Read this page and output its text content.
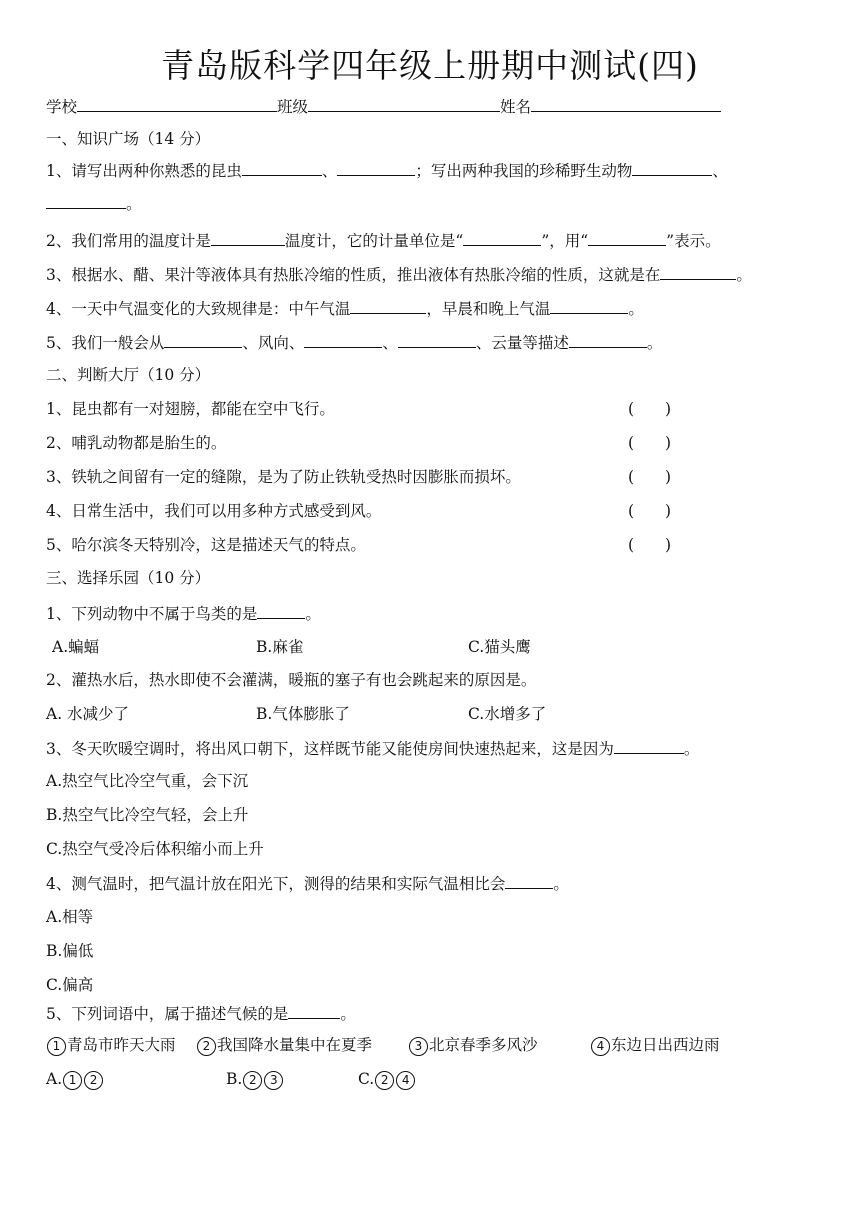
青岛版科学四年级上册期中测试(四)
学校	班级	姓名
一、知识广场（14 分）
1、请写出两种你熟悉的昆虫	、	；写出两种我国的珍稀野生动物	、
。
2、我们常用的温度计是	温度计，它的计量单位是“	”，用“	”表示。
3、根据水、醋、果汁等液体具有热胀冷缩的性质，推出液体有热胀冷缩的性质，这就是在	。
4、一天中气温变化的大致规律是：中午气温	，早晨和晚上气温	。
5、我们一般会从	、风向、	、	、云量等描述	。
二、判断大厅（10 分）
1、昆虫都有一对翅膀，都能在空中飞行。	(　　)
2、哺乳动物都是胎生的。	(　　)
3、铁轨之间留有一定的缝隙，是为了防止铁轨受热时因膨胀而损坏。	(　　)
4、日常生活中，我们可以用多种方式感受到风。	(　　)
5、哈尔滨冬天特别冷，这是描述天气的特点。	(　　)
三、选择乐园（10 分）
1、下列动物中不属于鸟类的是	。
A.蝙蝠	B.麻雀	C.猫头鹰
2、灌热水后，热水即使不会灌满，暖瓶的塞子有也会跳起来的原因是。
A. 水减少了	B.气体膨胀了	C.水增多了
3、冬天吹暖空调时，将出风口朝下，这样既节能又能使房间快速热起来，这是因为	。
A.热空气比冷空气重，会下沉
B.热空气比冷空气轻，会上升
C.热空气受冷后体积缩小而上升
4、测气温时，把气温计放在阳光下，测得的结果和实际气温相比会	。
A.相等
B.偏低
C.偏高
5、下列词语中，属于描述气候的是	。
1 青岛市昨天大雨	2 我国降水量集中在夏季	3 北京春季多风沙	4 东边日出西边雨
A. 1 2	B. 2 3	C. 2 4
